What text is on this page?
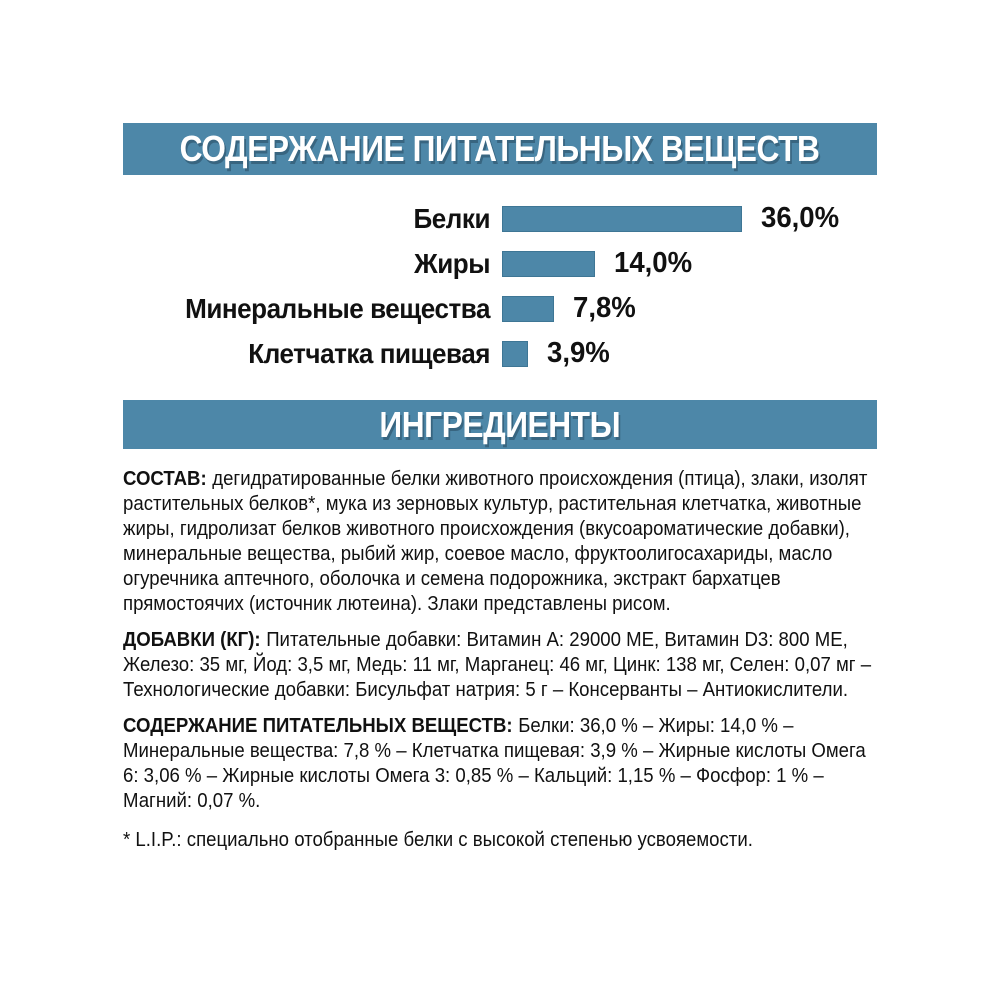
СОДЕРЖАНИЕ ПИТАТЕЛЬНЫХ ВЕЩЕСТВ
Белки	36,0%
Жиры	14,0%
Минеральные вещества	7,8%
Клетчатка пищевая 3,9%
ИНГРЕДИЕНТЫ

СОСТАВ: дегидратированные белки животного происхождения (птица), злаки, изолят растительных белков*, мука из зерновых культур, растительная клетчатка, животные жиры, гидролизат белков животного происхождения (вкусоароматические добавки), минеральные вещества, рыбий жир, соевое масло, фруктоолигосахариды, масло огуречника аптечного, оболочка и семена подорожника, экстракт бархатцев прямостоячих (источник лютеина). Злаки представлены рисом.

ДОБАВКИ (КГ): Питательные добавки: Витамин A: 29000 МЕ, Витамин D3: 800 МЕ, Железо: 35 мг, Йод: 3,5 мг, Медь: 11 мг, Марганец: 46 мг, Цинк: 138 мг, Селен: 0,07 мг – Технологические добавки: Бисульфат натрия: 5 г – Консерванты – Антиокислители.

СОДЕРЖАНИЕ ПИТАТЕЛЬНЫХ ВЕЩЕСТВ: Белки: 36,0 % – Жиры: 14,0 % – Минеральные вещества: 7,8 % – Клетчатка пищевая: 3,9 % – Жирные кислоты Омега 6: 3,06 % – Жирные кислоты Омега 3: 0,85 % – Кальций: 1,15 % – Фосфор: 1 % – Магний: 0,07 %.

* L.I.P.: специально отобранные белки с высокой степенью усвояемости.
